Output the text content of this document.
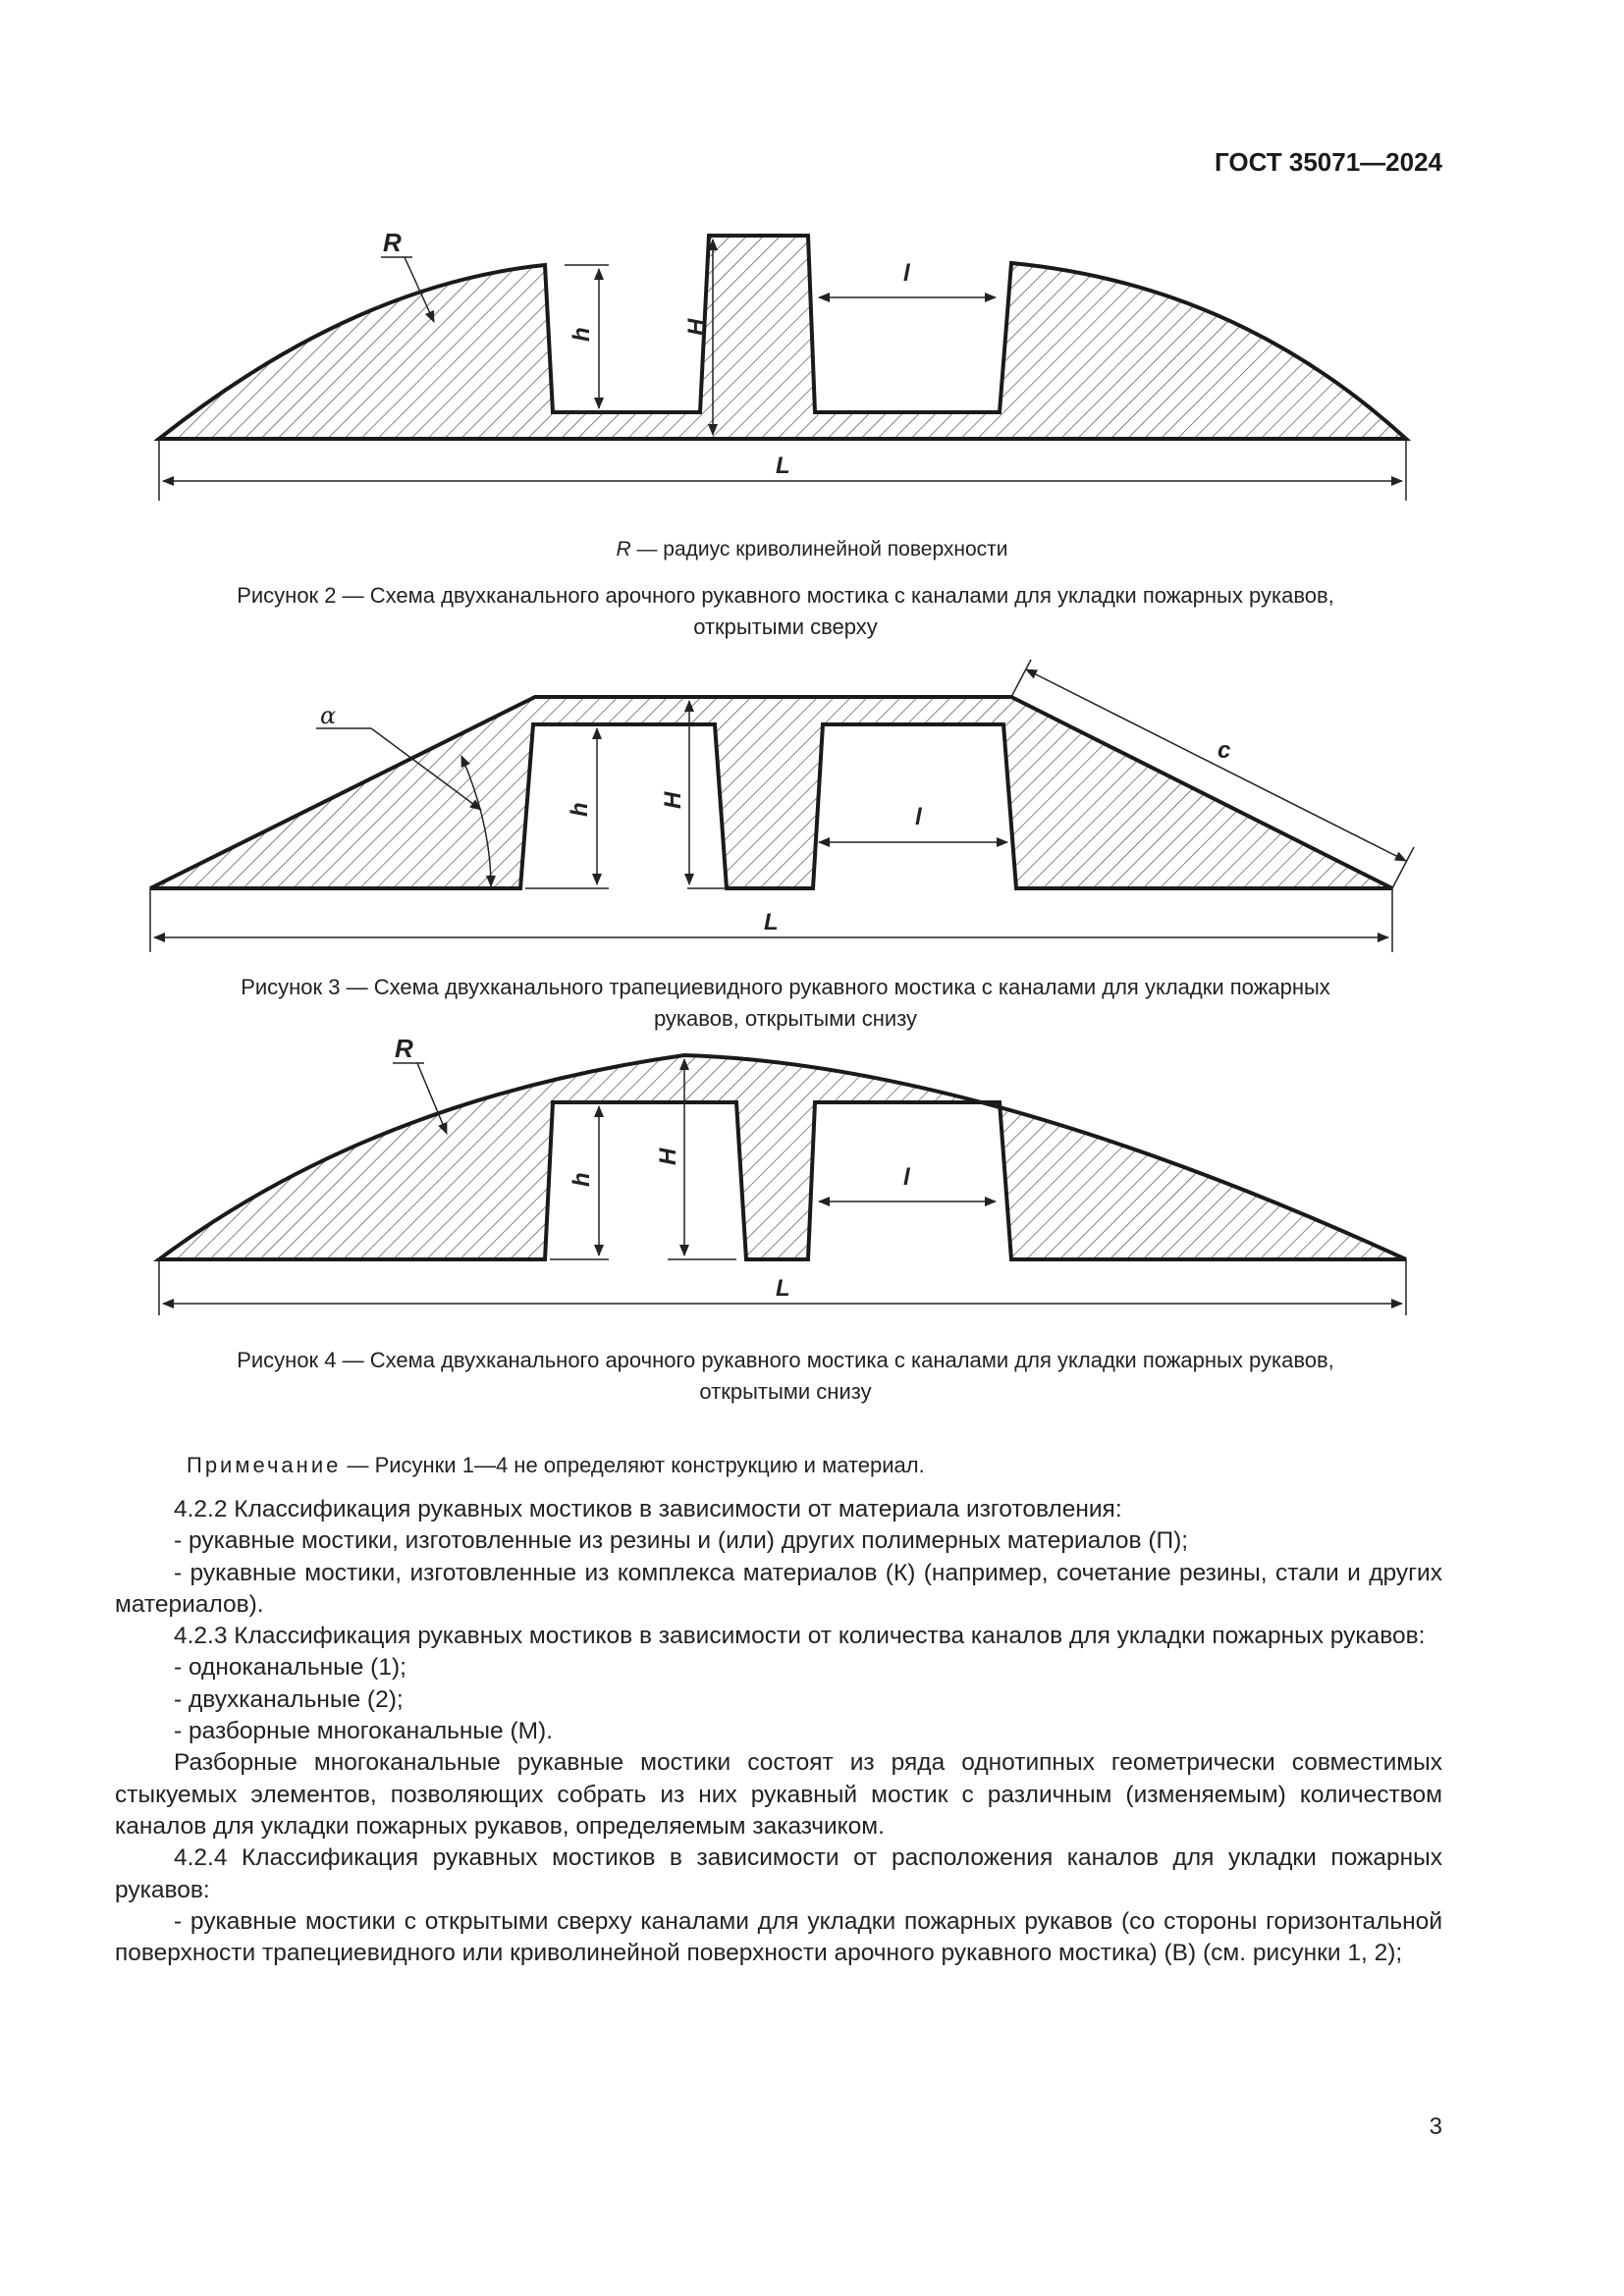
ГОСТ 35071—2024
R
h	H
l
L
R — радиус криволинейной поверхности
Рисунок 2 — Схема двухканального арочного рукавного мостика с каналами для укладки пожарных рукавов,
открытыми сверху
α
h
H
l
c
L
Рисунок 3 — Схема двухканального трапециевидного рукавного мостика с каналами для укладки пожарных
рукавов, открытыми снизу
R
h
H
l
L
Рисунок 4 — Схема двухканального арочного рукавного мостика с каналами для укладки пожарных рукавов,
открытыми снизу
Примечание — Рисунки 1—4 не определяют конструкцию и материал.

4.2.2 Классификация рукавных мостиков в зависимости от материала изготовления:

- рукавные мостики, изготовленные из резины и (или) других полимерных материалов (П);

- рукавные мостики, изготовленные из комплекса материалов (К) (например, сочетание резины, стали и других материалов).

4.2.3 Классификация рукавных мостиков в зависимости от количества каналов для укладки пожарных рукавов:

- одноканальные (1);

- двухканальные (2);

- разборные многоканальные (М).

Разборные многоканальные рукавные мостики состоят из ряда однотипных геометрически совместимых стыкуемых элементов, позволяющих собрать из них рукавный мостик с различным (изменяемым) количеством каналов для укладки пожарных рукавов, определяемым заказчиком.

4.2.4 Классификация рукавных мостиков в зависимости от расположения каналов для укладки пожарных рукавов:

- рукавные мостики с открытыми сверху каналами для укладки пожарных рукавов (со стороны горизонтальной поверхности трапециевидного или криволинейной поверхности арочного рукавного мостика) (В) (см. рисунки 1, 2);

3
